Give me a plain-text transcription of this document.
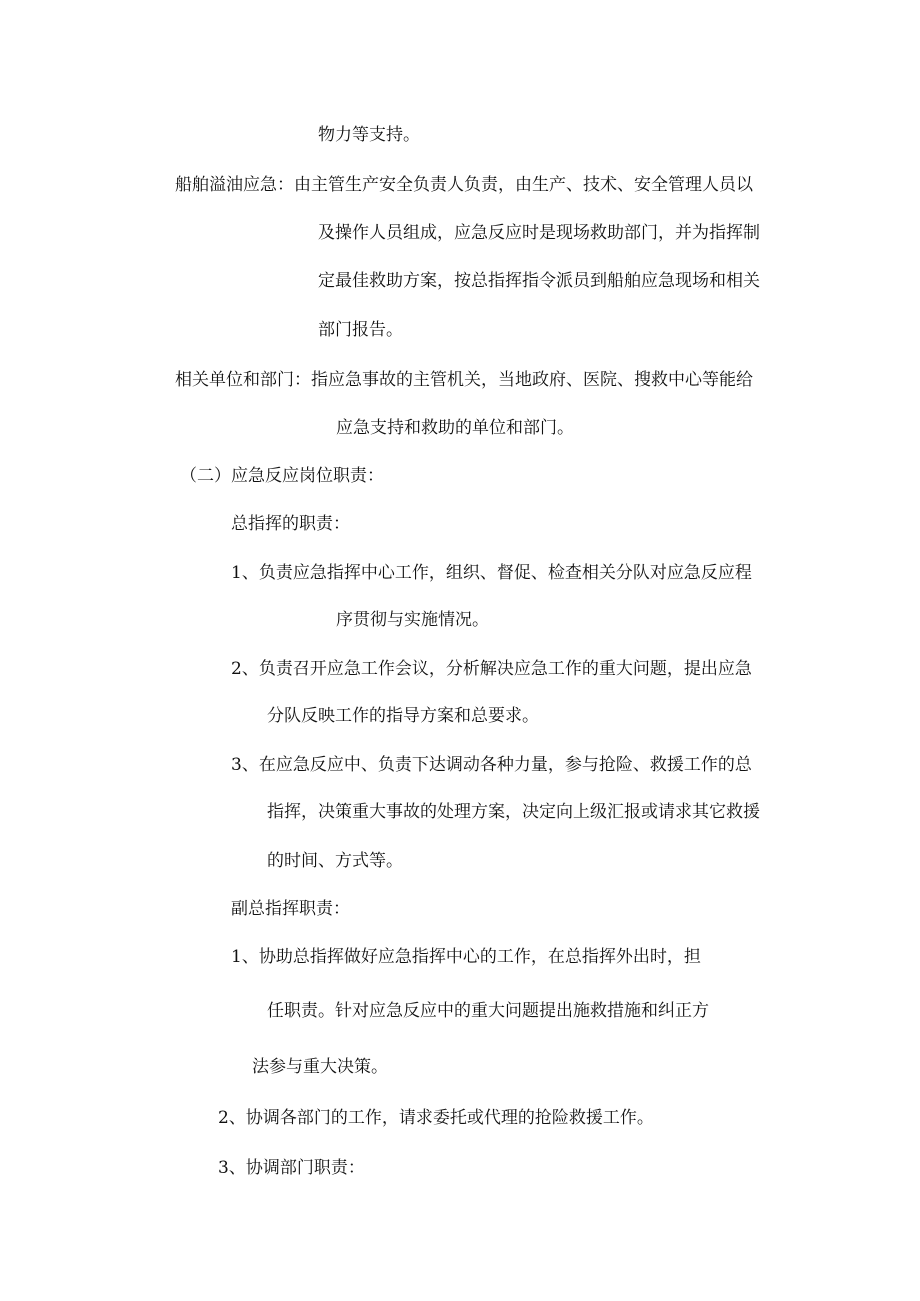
物力等支持。
船舶溢油应急：由主管生产安全负责人负责，由生产、技术、安全管理人员以
及操作人员组成，应急反应时是现场救助部门，并为指挥制
定最佳救助方案，按总指挥指令派员到船舶应急现场和相关
部门报告。
相关单位和部门：指应急事故的主管机关，当地政府、医院、搜救中心等能给
应急支持和救助的单位和部门。
（二）应急反应岗位职责：
总指挥的职责：
1、负责应急指挥中心工作，组织、督促、检查相关分队对应急反应程
序贯彻与实施情况。
2、负责召开应急工作会议，分析解决应急工作的重大问题，提出应急
分队反映工作的指导方案和总要求。
3、在应急反应中、负责下达调动各种力量，参与抢险、救援工作的总
指挥，决策重大事故的处理方案，决定向上级汇报或请求其它救援
的时间、方式等。
副总指挥职责：
1、协助总指挥做好应急指挥中心的工作，在总指挥外出时，担
任职责。针对应急反应中的重大问题提出施救措施和纠正方
法参与重大决策。
2、协调各部门的工作，请求委托或代理的抢险救援工作。
3、协调部门职责：
